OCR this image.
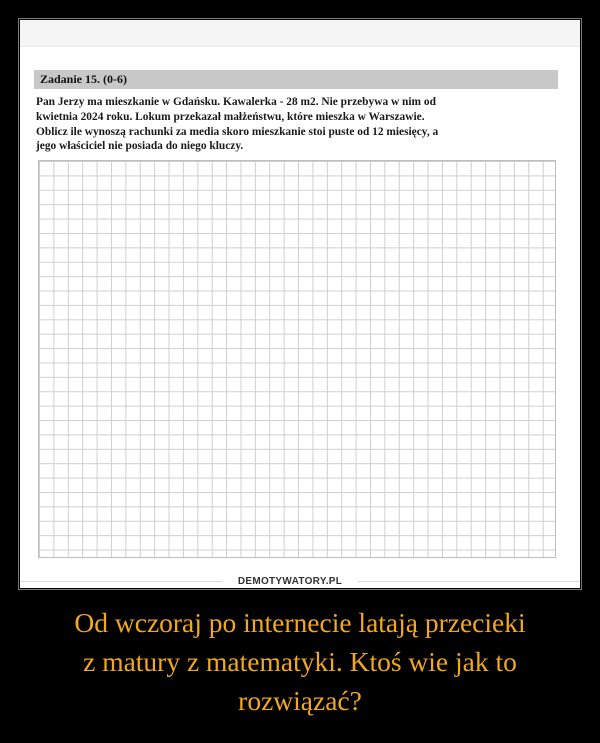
Zadanie 15. (0-6)
Pan Jerzy ma mieszkanie w Gdańsku. Kawalerka - 28 m2. Nie przebywa w nim od
kwietnia 2024 roku. Lokum przekazał małżeństwu, które mieszka w Warszawie.
Oblicz ile wynoszą rachunki za media skoro mieszkanie stoi puste od 12 miesięcy, a
jego właściciel nie posiada do niego kluczy.
DEMOTYWATORY.PL
Od wczoraj po internecie latają przecieki
z matury z matematyki. Ktoś wie jak to
rozwiązać?
